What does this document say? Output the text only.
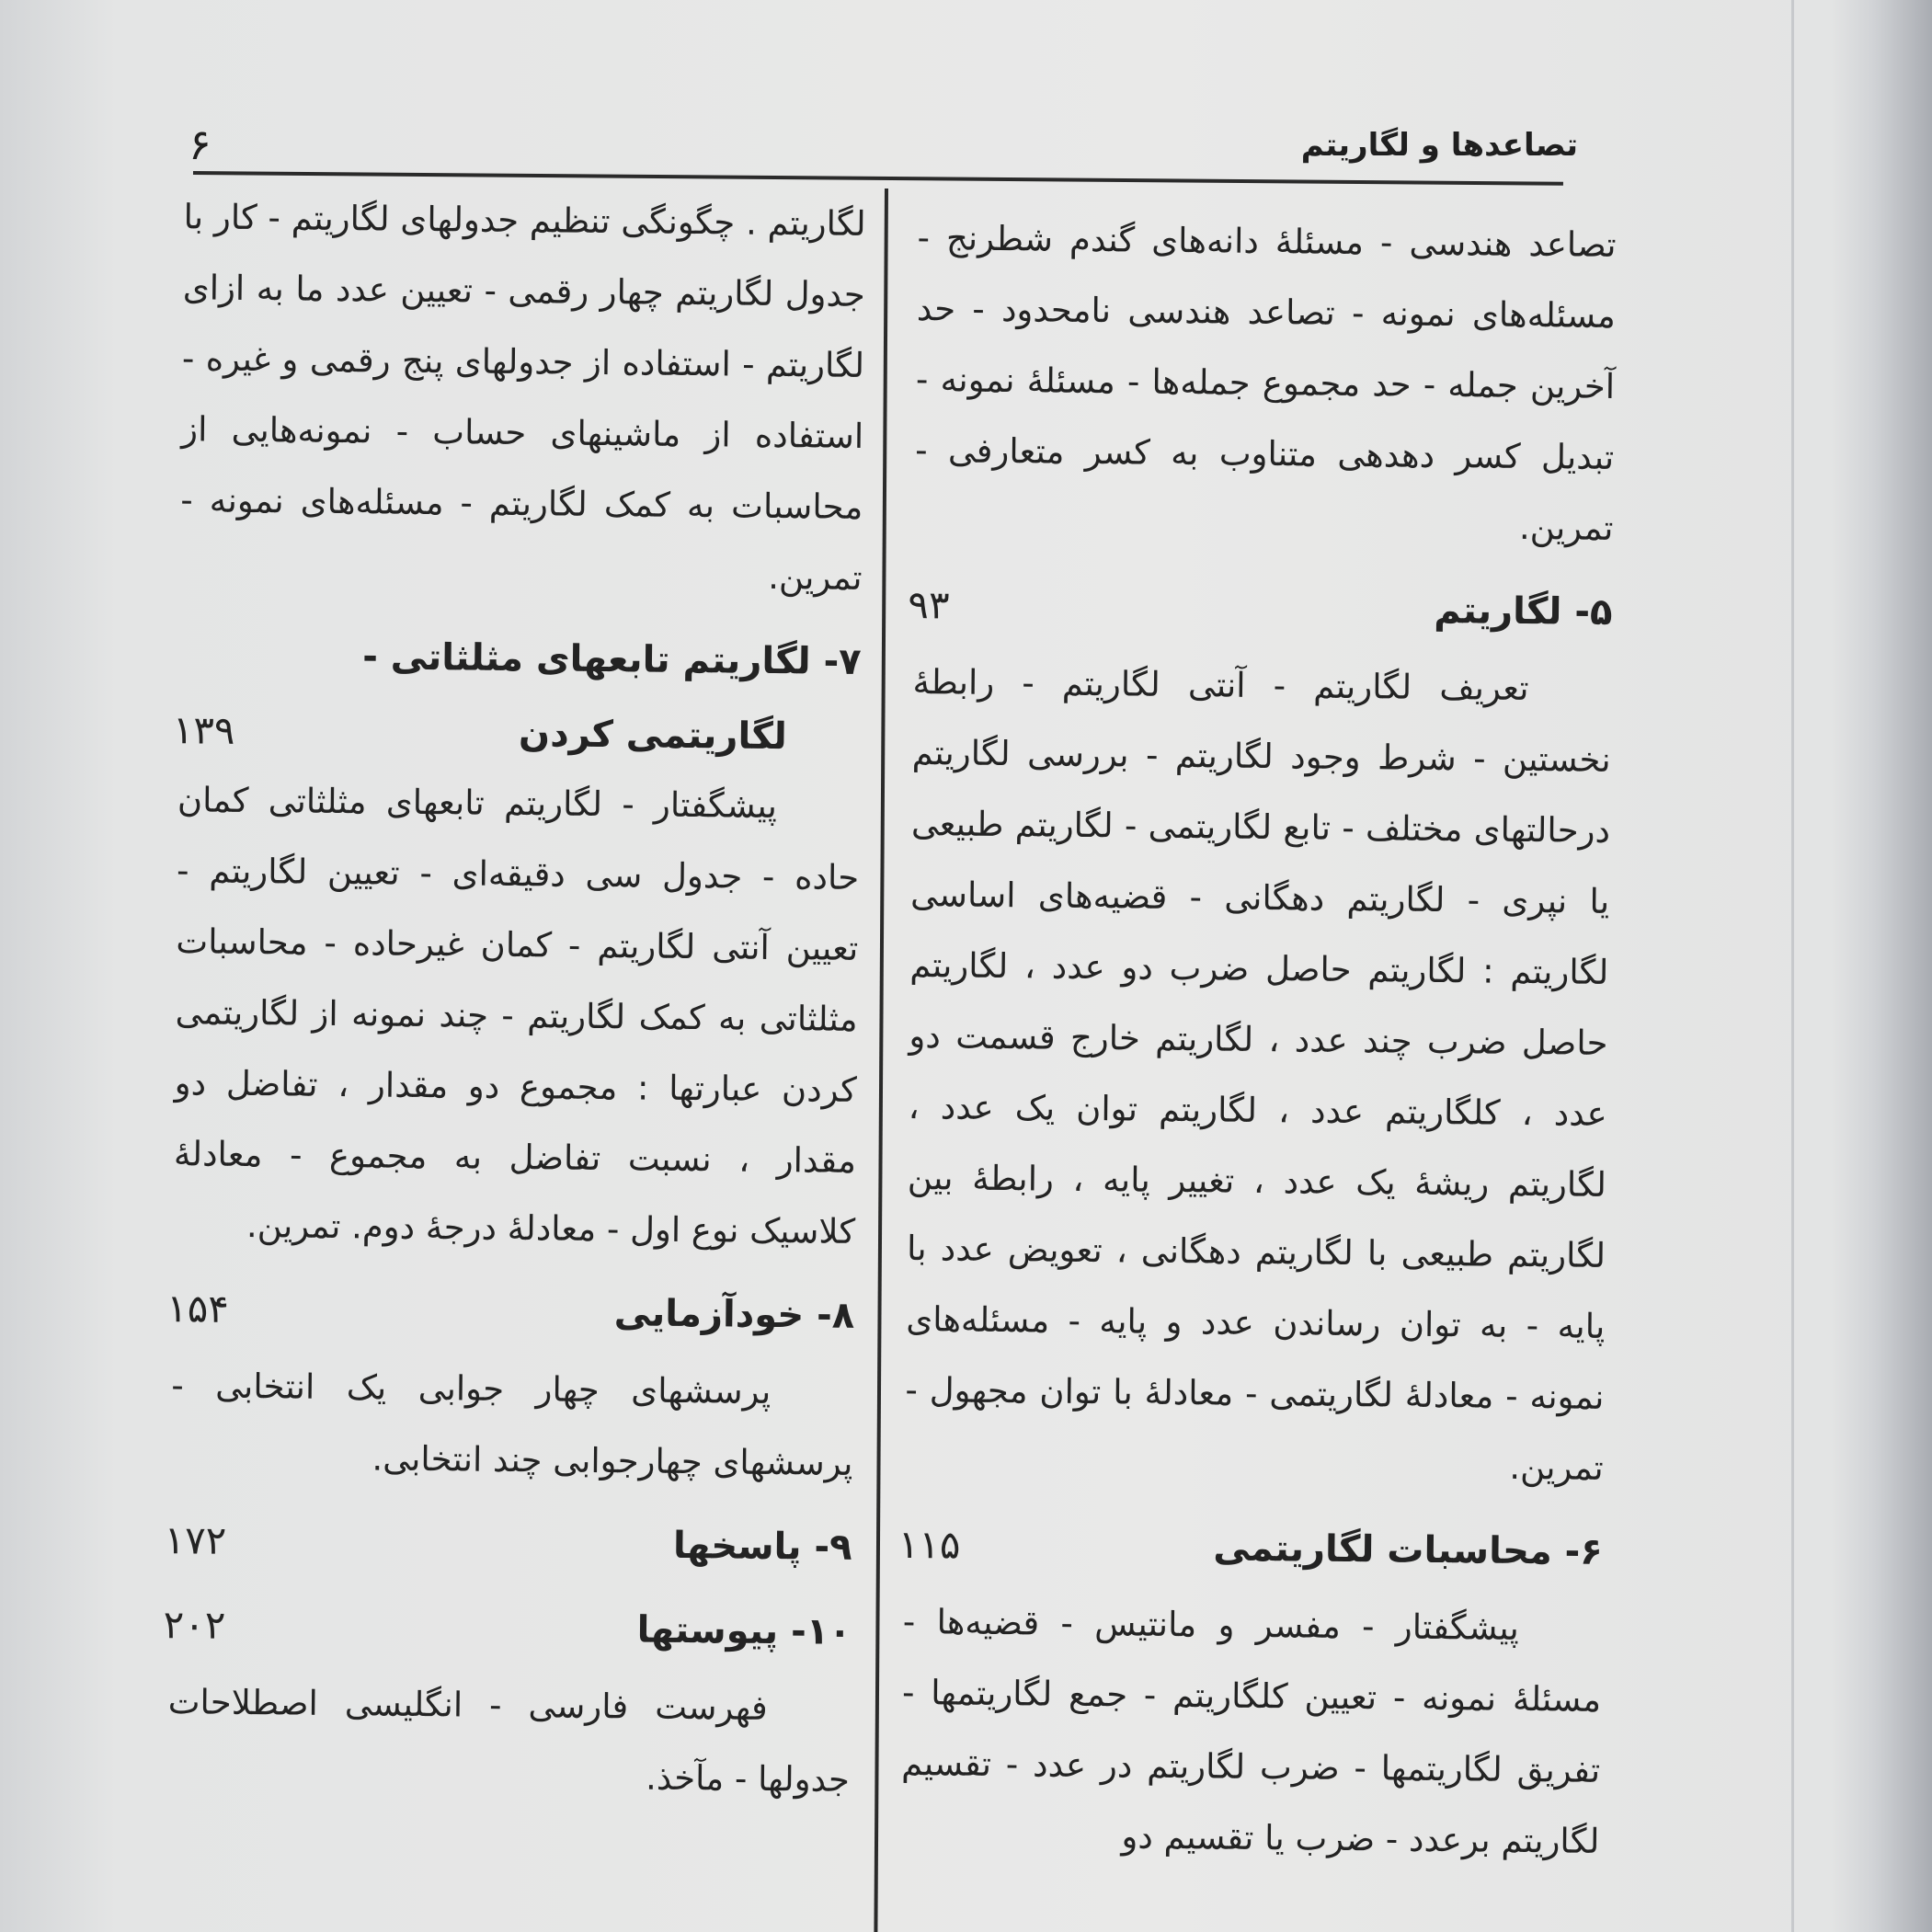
تصاعدها و لگاریتم
۶

تصاعد هندسی - مسئلهٔ دانه‌های گندم شطرنج - مسئله‌های نمونه - تصاعد هندسی نامحدود - حد آخرین جمله - حد مجموع جمله‌ها - مسئلهٔ نمونه - تبدیل کسر دهدهی متناوب به کسر متعارفی - تمرین.

۵- لگاریتم
۹۳

تعریف لگاریتم - آنتی لگاریتم - رابطهٔ نخستین - شرط وجود لگاریتم - بررسی لگاریتم درحالتهای مختلف - تابع لگاریتمی - لگاریتم طبیعی یا نپری - لگاریتم دهگانی - قضیه‌های اساسی لگاریتم : لگاریتم حاصل ضرب دو عدد ، لگاریتم حاصل ضرب چند عدد ، لگاریتم خارج قسمت دو عدد ، کلگاریتم عدد ، لگاریتم توان یک عدد ، لگاریتم ریشهٔ یک عدد ، تغییر پایه ، رابطهٔ بین لگاریتم طبیعی با لگاریتم دهگانی ، تعویض عدد با پایه - به توان رساندن عدد و پایه - مسئله‌های نمونه - معادلهٔ لگاریتمی - معادلهٔ با توان مجهول - تمرین.

۶- محاسبات لگاریتمی
۱۱۵

پیشگفتار - مفسر و مانتیس - قضیه‌ها - مسئلهٔ نمونه - تعیین کلگاریتم - جمع لگاریتمها - تفریق لگاریتمها - ضرب لگاریتم در عدد - تقسیم لگاریتم برعدد - ضرب یا تقسیم دو

لگاریتم . چگونگی تنظیم جدولهای لگاریتم - کار با جدول لگاریتم چهار رقمی - تعیین عدد ما به ازای لگاریتم - استفاده از جدولهای پنج رقمی و غیره - استفاده از ماشینهای حساب - نمونه‌هایی از محاسبات به کمک لگاریتم - مسئله‌های نمونه - تمرین.

۷- لگاریتم تابعهای مثلثاتی -
لگاریتمی کردن
۱۳۹

پیشگفتار - لگاریتم تابعهای مثلثاتی کمان حاده - جدول سی دقیقه‌ای - تعیین لگاریتم - تعیین آنتی لگاریتم - کمان غیرحاده - محاسبات مثلثاتی به کمک لگاریتم - چند نمونه از لگاریتمی کردن عبارتها : مجموع دو مقدار ، تفاضل دو مقدار ، نسبت تفاضل به مجموع - معادلهٔ کلاسیک نوع اول - معادلهٔ درجهٔ دوم. تمرین.

۸- خودآزمایی
۱۵۴

پرسشهای چهار جوابی یک انتخابی - پرسشهای چهارجوابی چند انتخابی.

۹- پاسخها
۱۷۲
۱۰- پیوستها
۲۰۲

فهرست فارسی - انگلیسی اصطلاحات جدولها - مآخذ.
